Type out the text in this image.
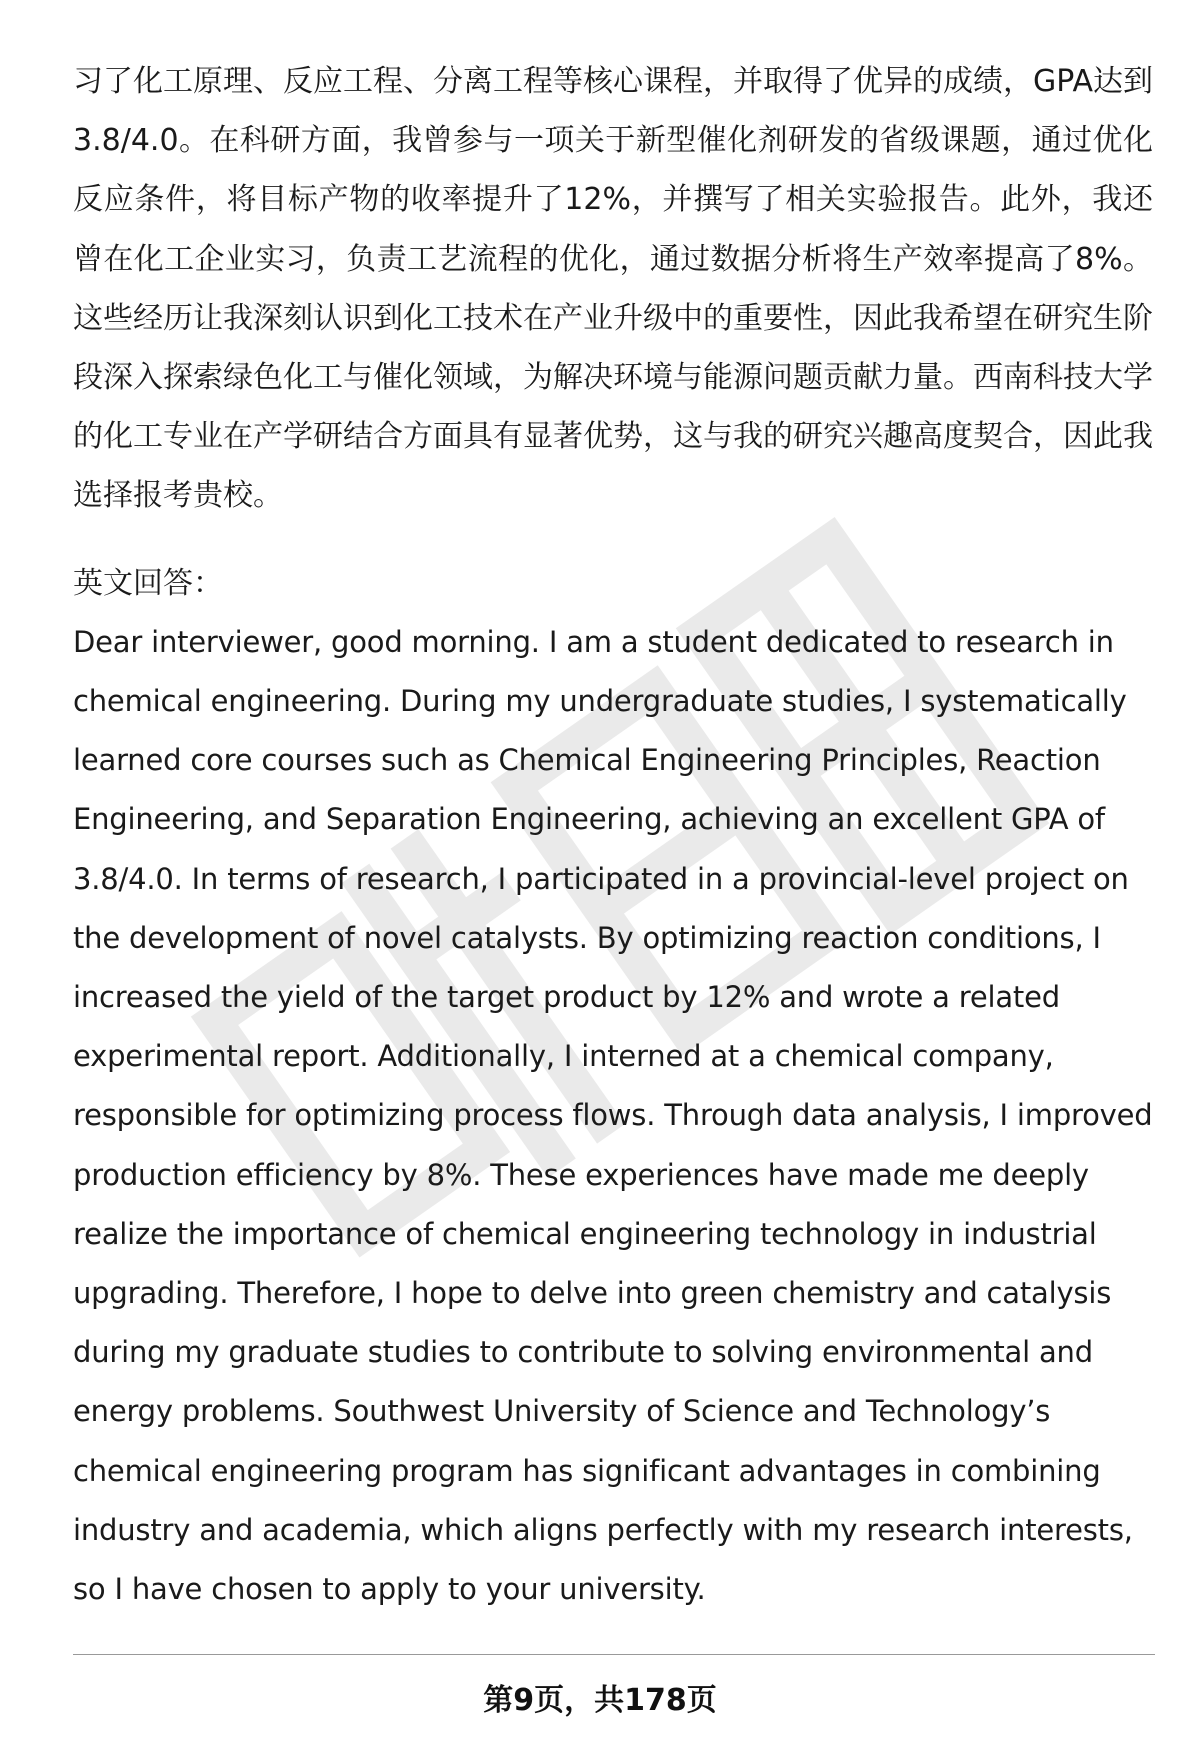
习了化工原理、反应工程、分离工程等核心课程，并取得了优异的成绩，GPA达到3.8/4.0。在科研方面，我曾参与一项关于新型催化剂研发的省级课题，通过优化反应条件，将目标产物的收率提升了12%，并撰写了相关实验报告。此外，我还曾在化工企业实习，负责工艺流程的优化，通过数据分析将生产效率提高了8%。这些经历让我深刻认识到化工技术在产业升级中的重要性，因此我希望在研究生阶段深入探索绿色化工与催化领域，为解决环境与能源问题贡献力量。西南科技大学的化工专业在产学研结合方面具有显著优势，这与我的研究兴趣高度契合，因此我选择报考贵校。

英文回答：

Dear interviewer, good morning. I am a student dedicated to research in chemical engineering. During my undergraduate studies, I systematically learned core courses such as Chemical Engineering Principles, Reaction Engineering, and Separation Engineering, achieving an excellent GPA of 3.8/4.0. In terms of research, I participated in a provincial-level project on the development of novel catalysts. By optimizing reaction conditions, I increased the yield of the target product by 12% and wrote a related experimental report. Additionally, I interned at a chemical company, responsible for optimizing process flows. Through data analysis, I improved production efficiency by 8%. These experiences have made me deeply realize the importance of chemical engineering technology in industrial upgrading. Therefore, I hope to delve into green chemistry and catalysis during my graduate studies to contribute to solving environmental and energy problems. Southwest University of Science and Technology’s chemical engineering program has significant advantages in combining industry and academia, which aligns perfectly with my research interests, so I have chosen to apply to your university.

第9页，共178页
